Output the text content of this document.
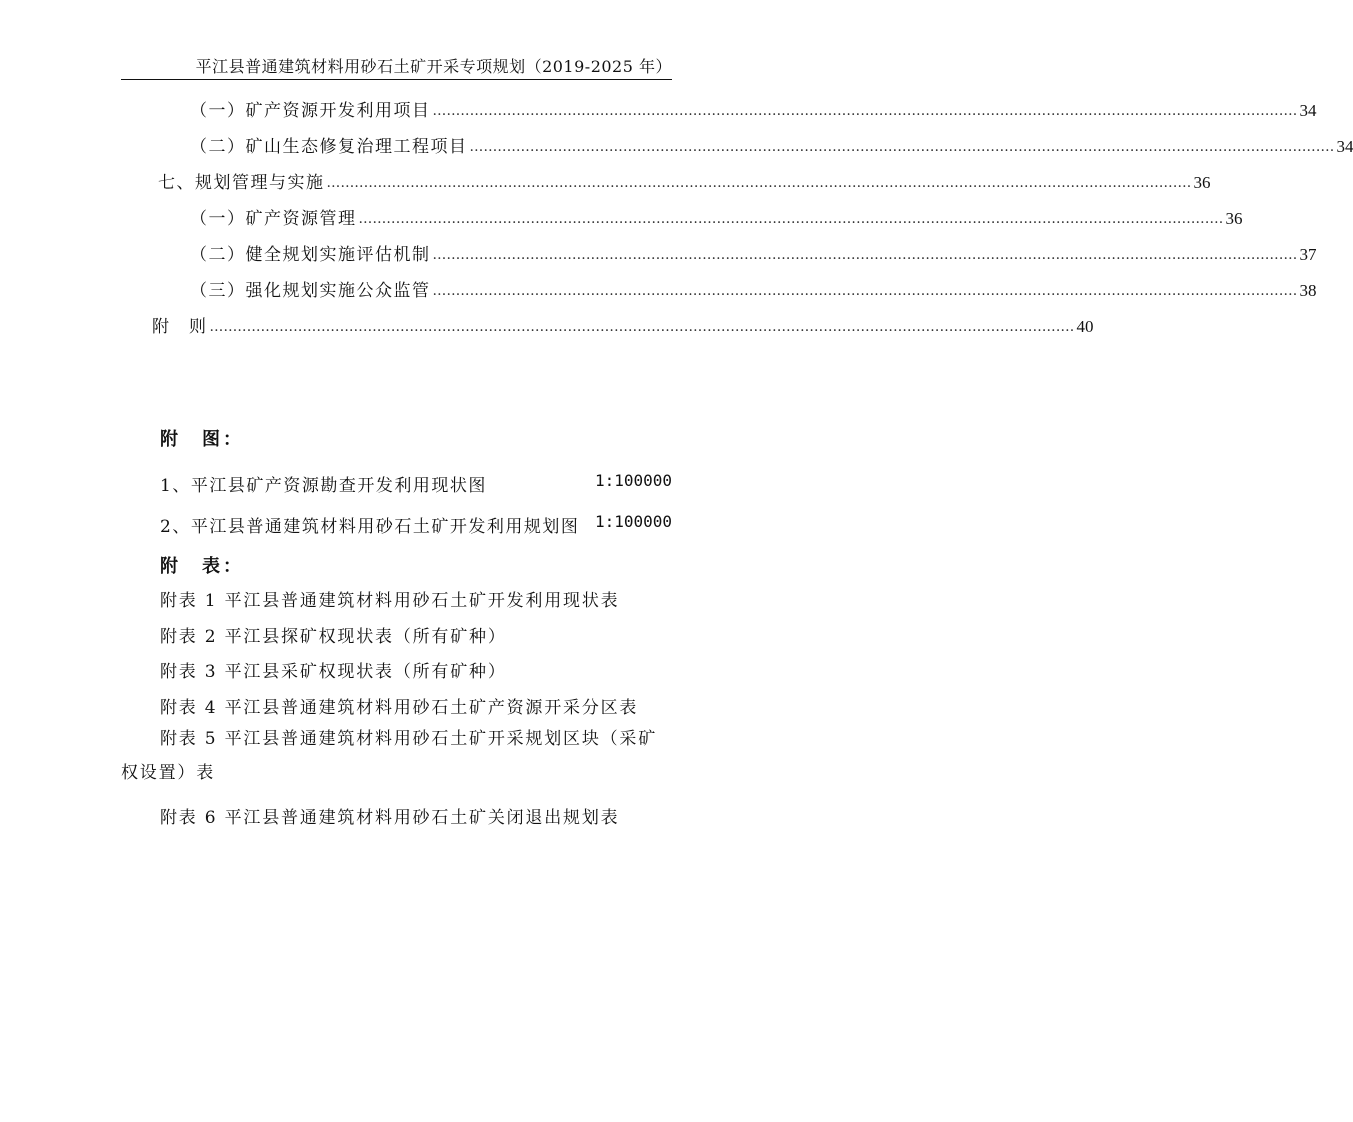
平江县普通建筑材料用砂石土矿开采专项规划（2019-2025 年）
（一）矿产资源开发利用项目 .......................................................................................................................................................................................... 34
（二）矿山生态修复治理工程项目 .......................................................................................................................................................................................... 34
七、规划管理与实施 .......................................................................................................................................................................................... 36
（一）矿产资源管理 .......................................................................................................................................................................................... 36
（二）健全规划实施评估机制 .......................................................................................................................................................................................... 37
（三）强化规划实施公众监管 .......................................................................................................................................................................................... 38
附　则 .......................................................................................................................................................................................... 40
附　图：
1、平江县矿产资源勘查开发利用现状图	1:100000
2、平江县普通建筑材料用砂石土矿开发利用规划图 1:100000
附　表：
附表 1 平江县普通建筑材料用砂石土矿开发利用现状表
附表 2 平江县探矿权现状表（所有矿种）
附表 3 平江县采矿权现状表（所有矿种）
附表 4 平江县普通建筑材料用砂石土矿产资源开采分区表
附表 5 平江县普通建筑材料用砂石土矿开采规划区块（采矿权设置）表
附表 6 平江县普通建筑材料用砂石土矿关闭退出规划表
